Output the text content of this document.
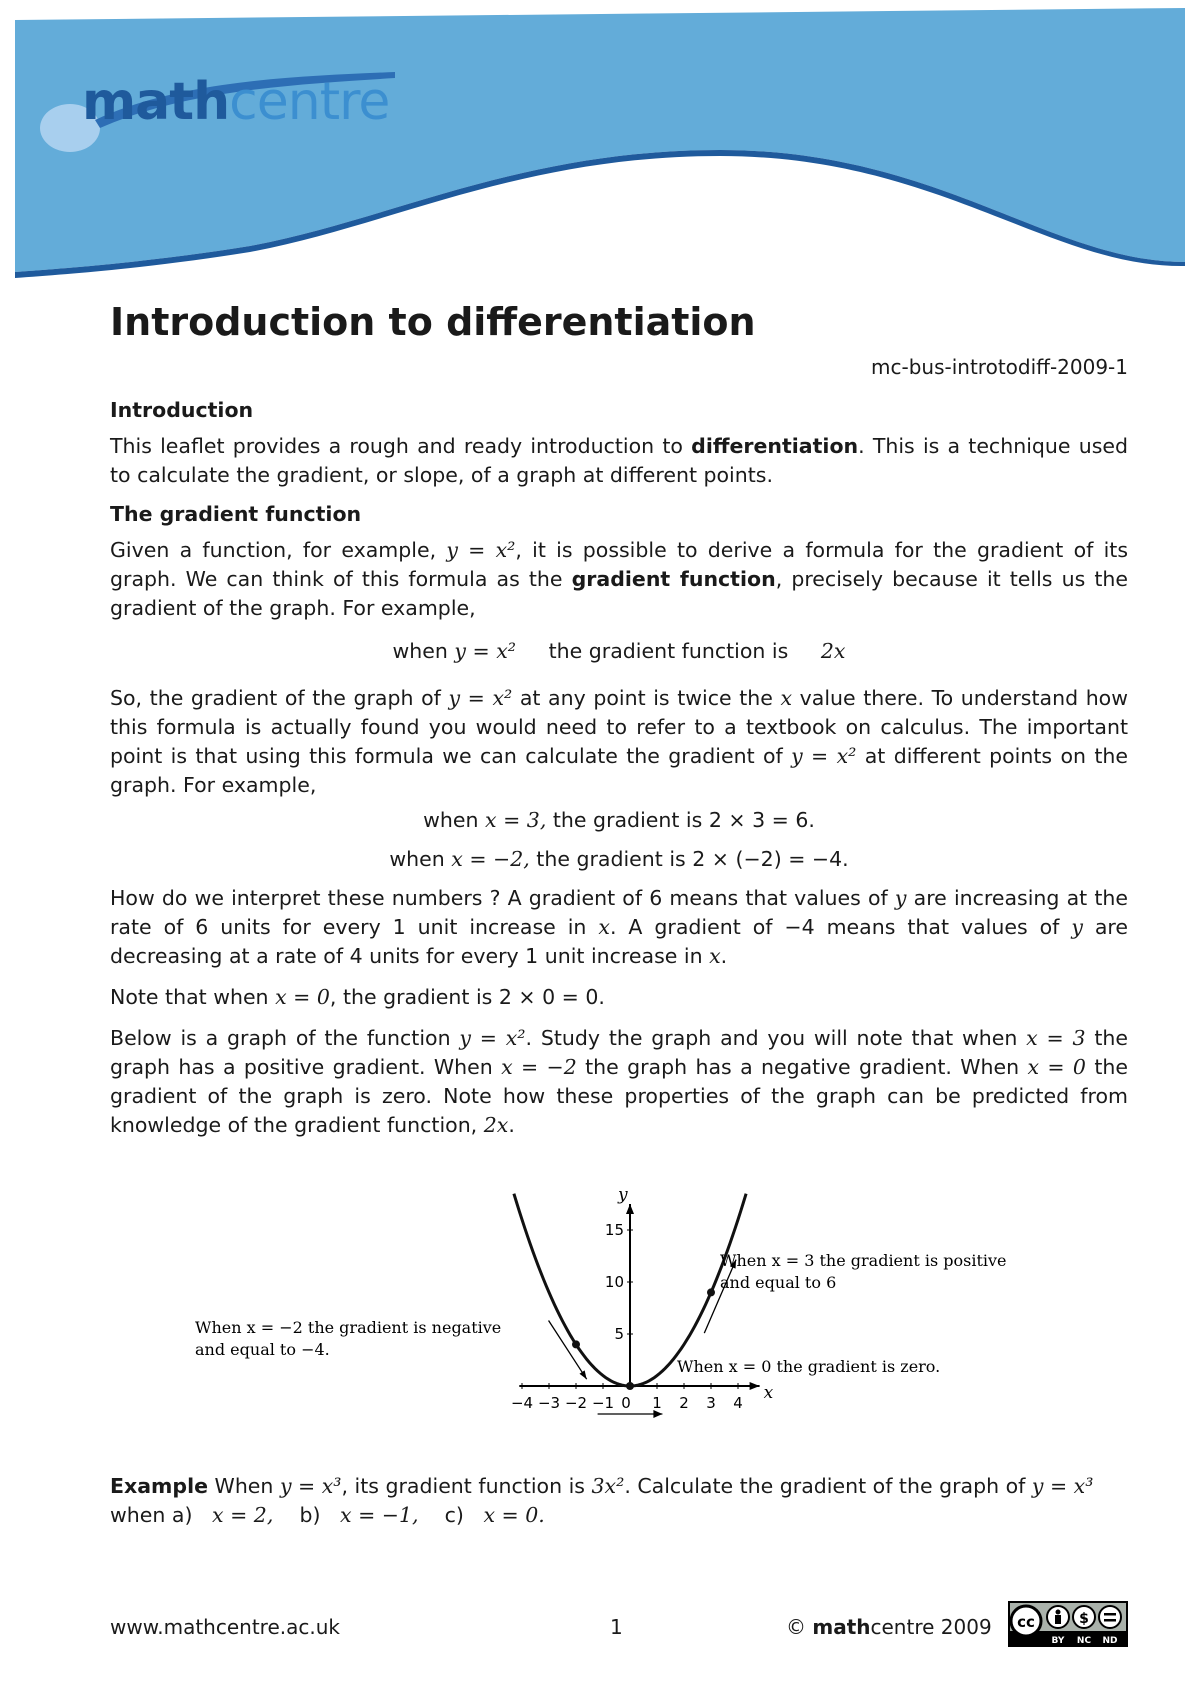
mathcentre
Introduction to differentiation
mc-bus-introtodiff-2009-1
Introduction

This leaflet provides a rough and ready introduction to differentiation. This is a technique used to calculate the gradient, or slope, of a graph at different points.

The gradient function

Given a function, for example, y = x², it is possible to derive a formula for the gradient of its graph. We can think of this formula as the gradient function, precisely because it tells us the gradient of the graph. For example,

when y = x² the gradient function is 2x

So, the gradient of the graph of y = x² at any point is twice the x value there. To understand how this formula is actually found you would need to refer to a textbook on calculus. The important point is that using this formula we can calculate the gradient of y = x² at different points on the graph. For example,

when x = 3, the gradient is 2 × 3 = 6.

when x = −2, the gradient is 2 × (−2) = −4.

How do we interpret these numbers ? A gradient of 6 means that values of y are increasing at the rate of 6 units for every 1 unit increase in x. A gradient of −4 means that values of y are decreasing at a rate of 4 units for every 1 unit increase in x.

Note that when x = 0, the gradient is 2 × 0 = 0.

Below is a graph of the function y = x². Study the graph and you will note that when x = 3 the graph has a positive gradient. When x = −2 the graph has a negative gradient. When x = 0 the gradient of the graph is zero. Note how these properties of the graph can be predicted from knowledge of the gradient function, 2x.

−4 −3 −2 −1 0 1 2 3 4
5
10
15
x
y
When x = 3 the gradient is positive
and equal to 6
When x = −2 the gradient is negative
and equal to −4.
When x = 0 the gradient is zero.

Example When y = x³, its gradient function is 3x². Calculate the gradient of the graph of y = x³
when a) x = 2, b) x = −1, c) x = 0.

www.mathcentre.ac.uk	1	© mathcentre 2009 cc	$
BY NC ND
